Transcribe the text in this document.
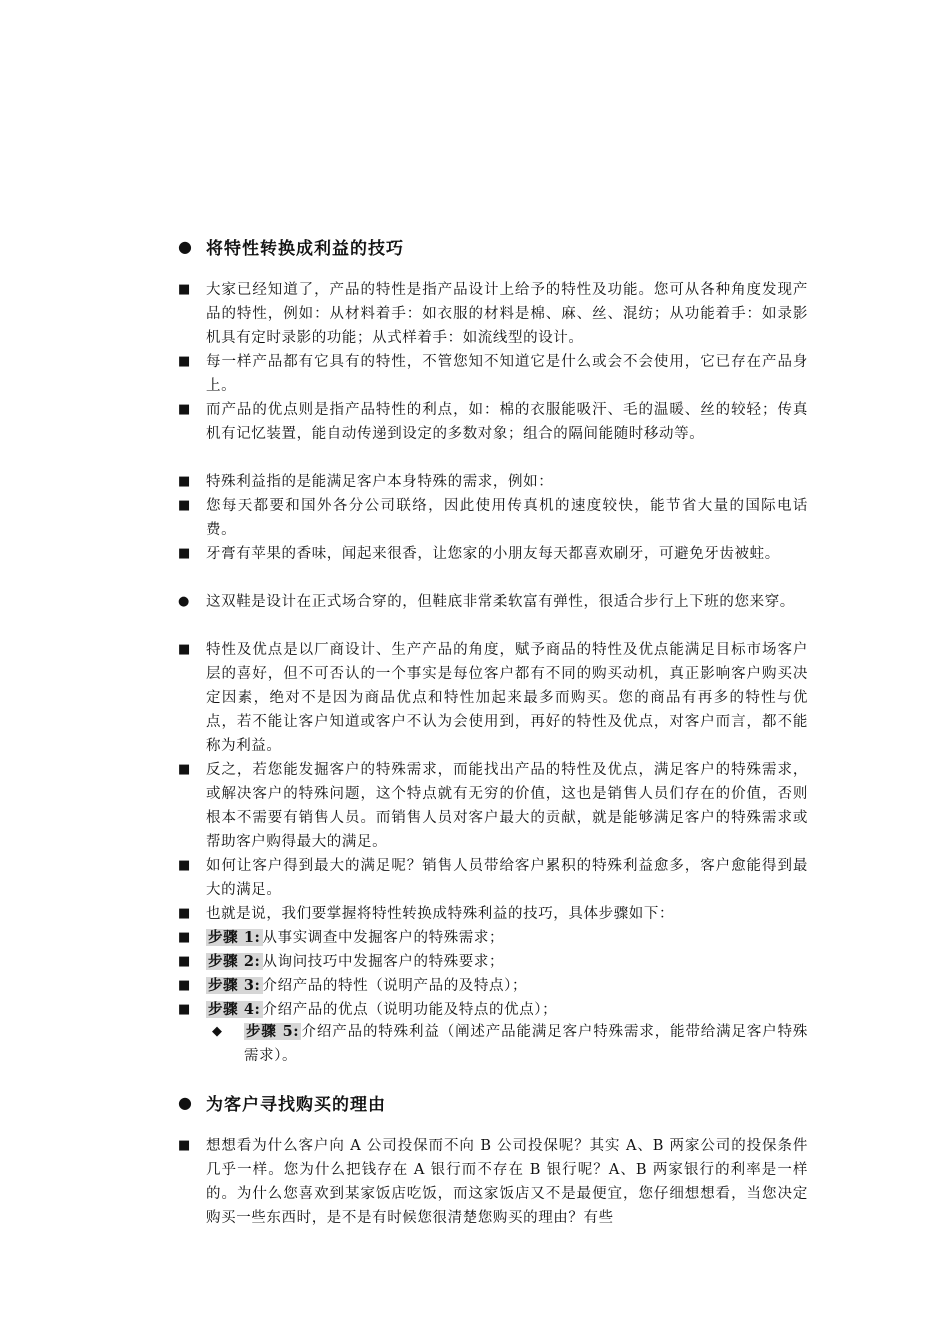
● 将特性转换成利益的技巧
■	大家已经知道了，产品的特性是指产品设计上给予的特性及功能。您可从各种角度发现产品的特性，例如：从材料着手：如衣服的材料是棉、麻、丝、混纺；从功能着手：如录影机具有定时录影的功能；从式样着手：如流线型的设计。
■	每一样产品都有它具有的特性，不管您知不知道它是什么或会不会使用，它已存在产品身上。
■	而产品的优点则是指产品特性的利点，如：棉的衣服能吸汗、毛的温暖、丝的较轻；传真机有记忆装置，能自动传递到设定的多数对象；组合的隔间能随时移动等。
■	特殊利益指的是能满足客户本身特殊的需求，例如：
■	您每天都要和国外各分公司联络，因此使用传真机的速度较快，能节省大量的国际电话费。
■	牙膏有苹果的香味，闻起来很香，让您家的小朋友每天都喜欢刷牙，可避免牙齿被蛀。
●	这双鞋是设计在正式场合穿的，但鞋底非常柔软富有弹性，很适合步行上下班的您来穿。
■	特性及优点是以厂商设计、生产产品的角度，赋予商品的特性及优点能满足目标市场客户层的喜好，但不可否认的一个事实是每位客户都有不同的购买动机，真正影响客户购买决定因素，绝对不是因为商品优点和特性加起来最多而购买。您的商品有再多的特性与优点，若不能让客户知道或客户不认为会使用到，再好的特性及优点，对客户而言，都不能称为利益。
■	反之，若您能发掘客户的特殊需求，而能找出产品的特性及优点，满足客户的特殊需求，或解决客户的特殊问题，这个特点就有无穷的价值，这也是销售人员们存在的价值，否则根本不需要有销售人员。而销售人员对客户最大的贡献，就是能够满足客户的特殊需求或帮助客户购得最大的满足。
■	如何让客户得到最大的满足呢？销售人员带给客户累积的特殊利益愈多，客户愈能得到最大的满足。
■	也就是说，我们要掌握将特性转换成特殊利益的技巧，具体步骤如下：
■	步骤 1: 从事实调查中发掘客户的特殊需求；
■	步骤 2: 从询问技巧中发掘客户的特殊要求；
■	步骤 3: 介绍产品的特性（说明产品的及特点）；
■	步骤 4: 介绍产品的优点（说明功能及特点的优点）；
◆	步骤 5: 介绍产品的特殊利益（阐述产品能满足客户特殊需求，能带给满足客户特殊需求）。
● 为客户寻找购买的理由
■	想想看为什么客户向 A 公司投保而不向 B 公司投保呢？其实 A、B 两家公司的投保条件几乎一样。您为什么把钱存在 A 银行而不存在 B 银行呢？A、B 两家银行的利率是一样的。为什么您喜欢到某家饭店吃饭，而这家饭店又不是最便宜，您仔细想想看，当您决定购买一些东西时，是不是有时候您很清楚您购买的理由？有些
